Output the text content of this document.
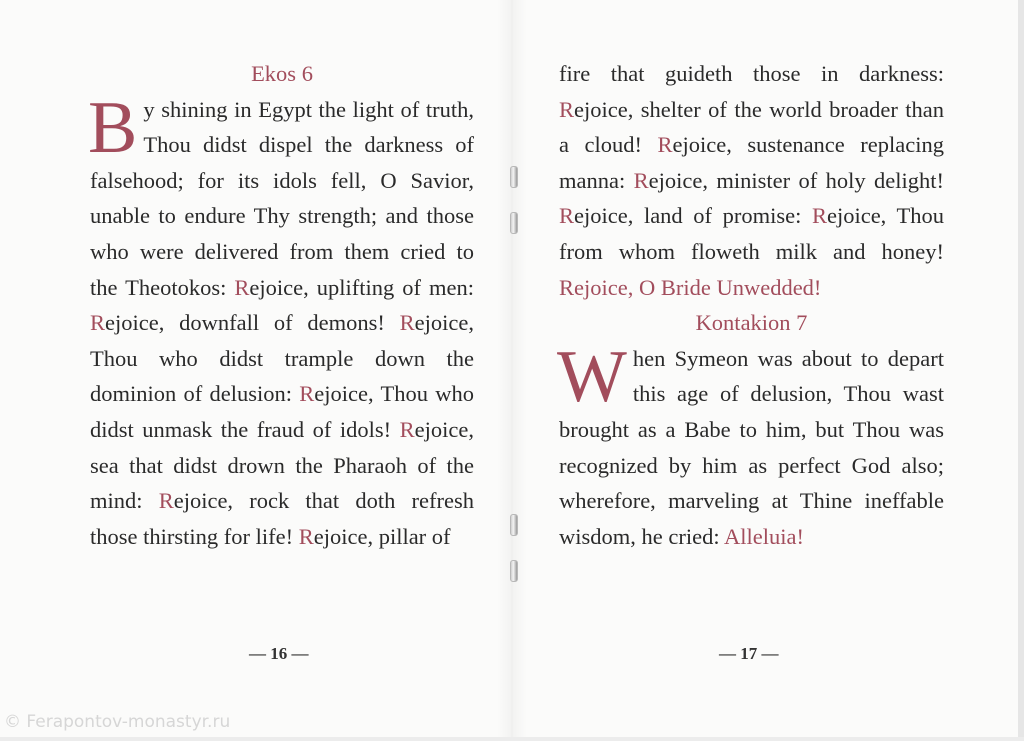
Ekos 6

By shining in Egypt the light of truth, Thou didst dispel the darkness of falsehood; for its idols fell, O Savior, unable to endure Thy strength; and those who were delivered from them cried to the Theotokos: Rejoice, uplifting of men: Rejoice, downfall of demons! Rejoice, Thou who didst trample down the dominion of delusion: Rejoice, Thou who didst unmask the fraud of idols! Rejoice, sea that didst drown the Pharaoh of the mind: Rejoice, rock that doth refresh those thirsting for life! Rejoice, pillar of

fire that guideth those in darkness: Rejoice, shelter of the world broader than a cloud! Rejoice, sustenance replacing manna: Rejoice, minister of holy delight! Rejoice, land of promise: Rejoice, Thou from whom floweth milk and honey! Rejoice, O Bride Unwedded!

Kontakion 7

When Symeon was about to depart this age of delusion, Thou wast brought as a Babe to him, but Thou was recognized by him as perfect God also; wherefore, marveling at Thine ineffable wisdom, he cried: Alleluia!

— 16 —	— 17 —
© Ferapontov-monastyr.ru
